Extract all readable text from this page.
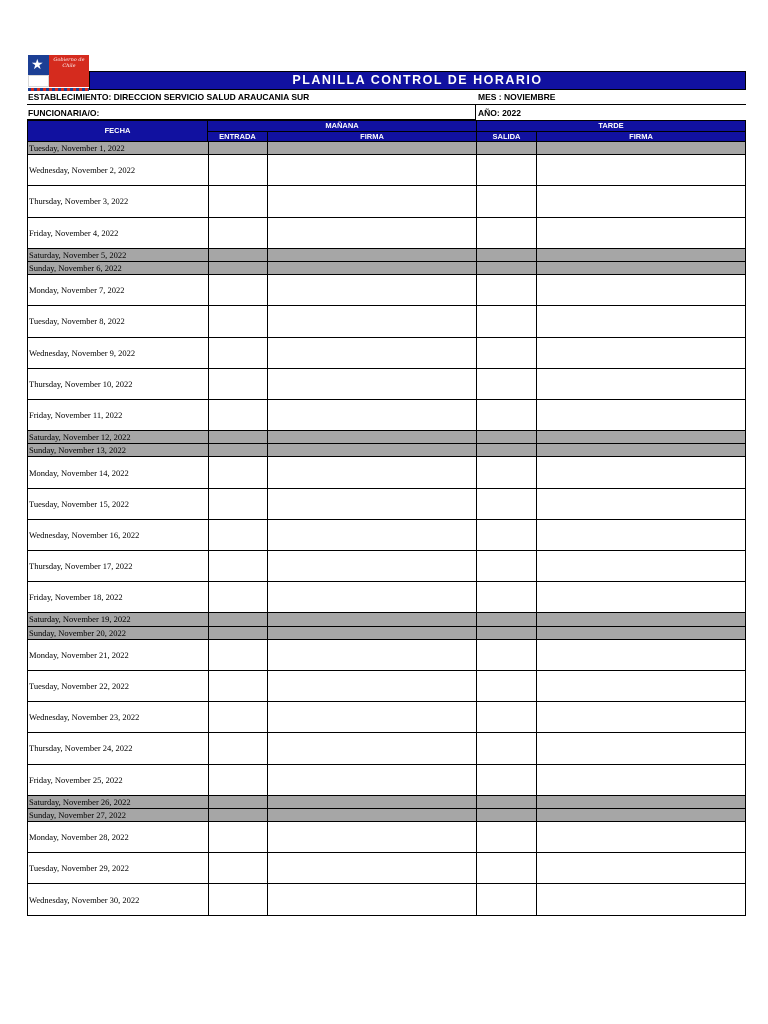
★	Gobierno de Chile
PLANILLA CONTROL DE HORARIO
ESTABLECIMIENTO: DIRECCION SERVICIO SALUD ARAUCANIA SUR	MES : NOVIEMBRE
FUNCIONARIA/O:	AÑO: 2022
FECHA
MAÑANA	TARDE
ENTRADA	FIRMA	SALIDA	FIRMA
Tuesday, November 1, 2022
Wednesday, November 2, 2022
Thursday, November 3, 2022
Friday, November 4, 2022
Saturday, November 5, 2022
Sunday, November 6, 2022
Monday, November 7, 2022
Tuesday, November 8, 2022
Wednesday, November 9, 2022
Thursday, November 10, 2022
Friday, November 11, 2022
Saturday, November 12, 2022
Sunday, November 13, 2022
Monday, November 14, 2022
Tuesday, November 15, 2022
Wednesday, November 16, 2022
Thursday, November 17, 2022
Friday, November 18, 2022
Saturday, November 19, 2022
Sunday, November 20, 2022
Monday, November 21, 2022
Tuesday, November 22, 2022
Wednesday, November 23, 2022
Thursday, November 24, 2022
Friday, November 25, 2022
Saturday, November 26, 2022
Sunday, November 27, 2022
Monday, November 28, 2022
Tuesday, November 29, 2022
Wednesday, November 30, 2022
